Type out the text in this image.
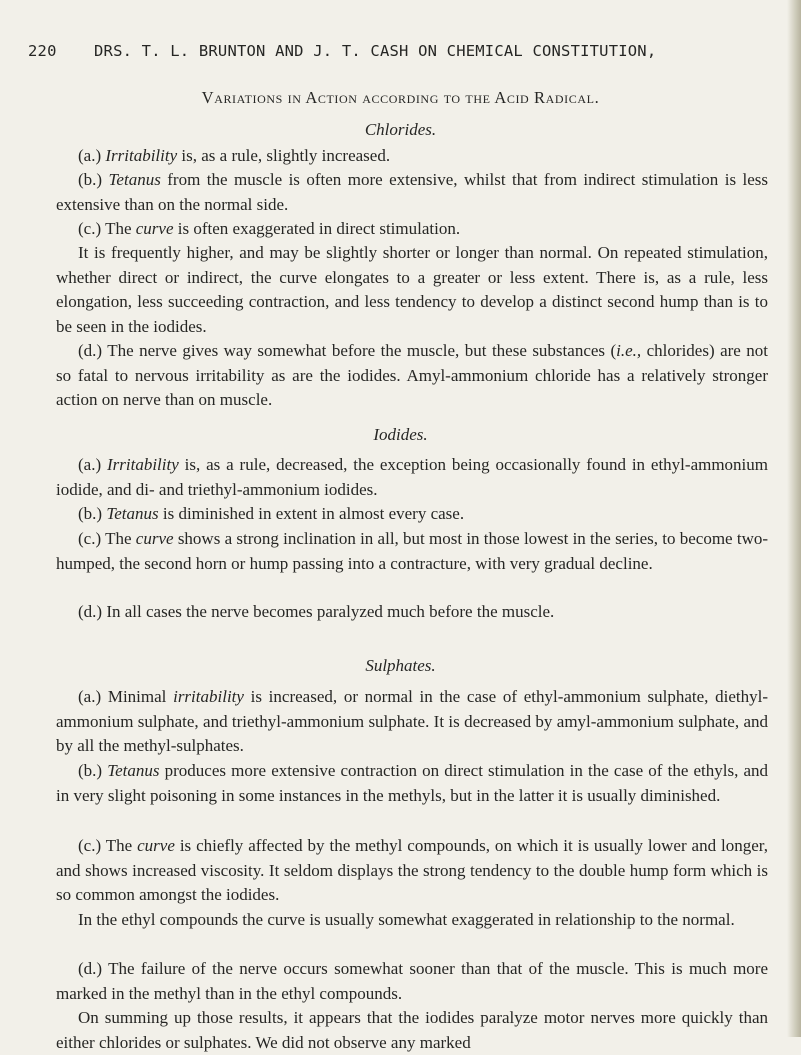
220 DRS. T. L. BRUNTON AND J. T. CASH ON CHEMICAL CONSTITUTION,
Variations in Action according to the Acid Radical.
Chlorides.

(a.) Irritability is, as a rule, slightly increased.

(b.) Tetanus from the muscle is often more extensive, whilst that from indirect stimulation is less extensive than on the normal side.

(c.) The curve is often exaggerated in direct stimulation.

It is frequently higher, and may be slightly shorter or longer than normal. On repeated stimulation, whether direct or indirect, the curve elongates to a greater or less extent. There is, as a rule, less elongation, less succeeding contraction, and less tendency to develop a distinct second hump than is to be seen in the iodides.

(d.) The nerve gives way somewhat before the muscle, but these substances (i.e., chlorides) are not so fatal to nervous irritability as are the iodides. Amyl-ammonium chloride has a relatively stronger action on nerve than on muscle.

Iodides.

(a.) Irritability is, as a rule, decreased, the exception being occasionally found in ethyl-ammonium iodide, and di- and triethyl-ammonium iodides.

(b.) Tetanus is diminished in extent in almost every case.

(c.) The curve shows a strong inclination in all, but most in those lowest in the series, to become two-humped, the second horn or hump passing into a contracture, with very gradual decline.

(d.) In all cases the nerve becomes paralyzed much before the muscle.

Sulphates.

(a.) Minimal irritability is increased, or normal in the case of ethyl-ammonium sulphate, diethyl-ammonium sulphate, and triethyl-ammonium sulphate. It is decreased by amyl-ammonium sulphate, and by all the methyl-sulphates.

(b.) Tetanus produces more extensive contraction on direct stimulation in the case of the ethyls, and in very slight poisoning in some instances in the methyls, but in the latter it is usually diminished.

(c.) The curve is chiefly affected by the methyl compounds, on which it is usually lower and longer, and shows increased viscosity. It seldom displays the strong tendency to the double hump form which is so common amongst the iodides.

In the ethyl compounds the curve is usually somewhat exaggerated in relationship to the normal.

(d.) The failure of the nerve occurs somewhat sooner than that of the muscle. This is much more marked in the methyl than in the ethyl compounds.

On summing up those results, it appears that the iodides paralyze motor nerves more quickly than either chlorides or sulphates. We did not observe any marked
